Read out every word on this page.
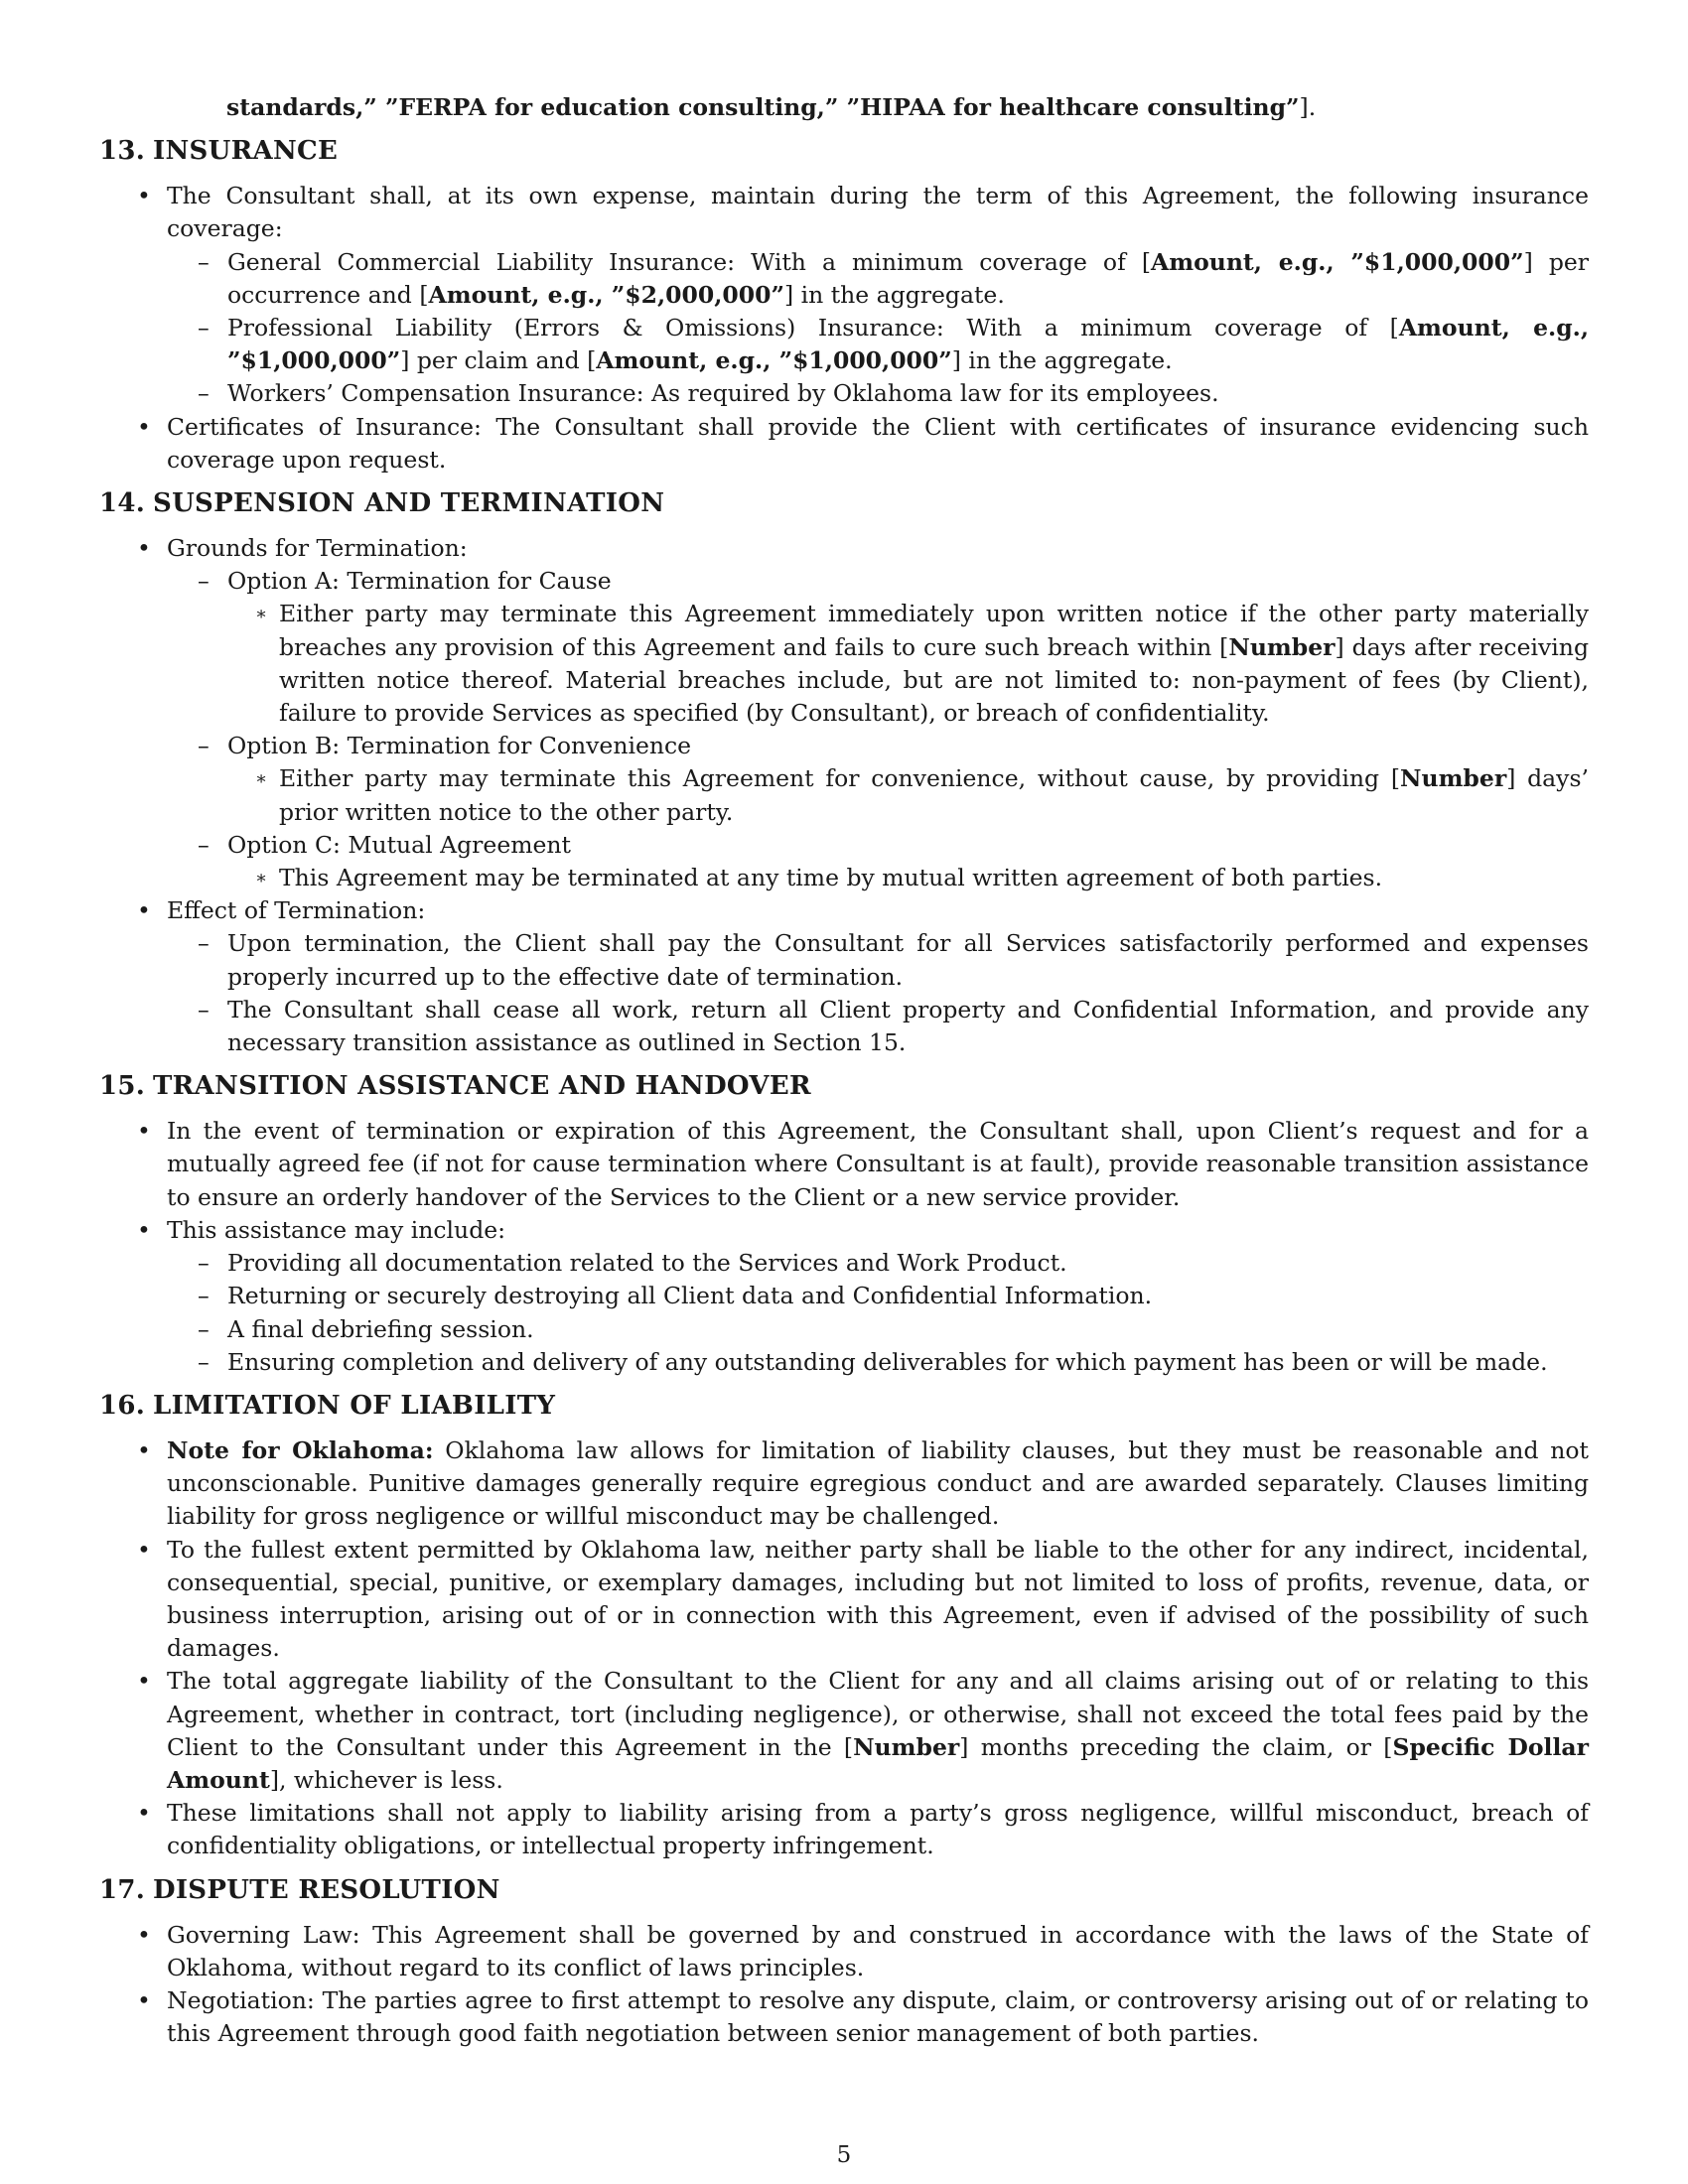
standards,” ”FERPA for education consulting,” ”HIPAA for healthcare consulting”].
13. INSURANCE
• The Consultant shall, at its own expense, maintain during the term of this Agreement, the following insurance coverage:
– General Commercial Liability Insurance: With a minimum coverage of [Amount, e.g., ”$1,000,000”] per occurrence and [Amount, e.g., ”$2,000,000”] in the aggregate.
– Professional Liability (Errors & Omissions) Insurance: With a minimum coverage of [Amount, e.g., ”$1,000,000”] per claim and [Amount, e.g., ”$1,000,000”] in the aggregate.
– Workers’ Compensation Insurance: As required by Oklahoma law for its employees.
• Certificates of Insurance: The Consultant shall provide the Client with certificates of insurance evidencing such coverage upon request.
14. SUSPENSION AND TERMINATION
• Grounds for Termination:
– Option A: Termination for Cause
∗ Either party may terminate this Agreement immediately upon written notice if the other party materially breaches any provision of this Agreement and fails to cure such breach within [Number] days after receiving written notice thereof. Material breaches include, but are not limited to: non-payment of fees (by Client), failure to provide Services as specified (by Consultant), or breach of confidentiality.
– Option B: Termination for Convenience
∗ Either party may terminate this Agreement for convenience, without cause, by providing [Number] days’ prior written notice to the other party.
– Option C: Mutual Agreement
∗ This Agreement may be terminated at any time by mutual written agreement of both parties.
• Effect of Termination:
– Upon termination, the Client shall pay the Consultant for all Services satisfactorily performed and expenses properly incurred up to the effective date of termination.
– The Consultant shall cease all work, return all Client property and Confidential Information, and provide any necessary transition assistance as outlined in Section 15.
15. TRANSITION ASSISTANCE AND HANDOVER
• In the event of termination or expiration of this Agreement, the Consultant shall, upon Client’s request and for a mutually agreed fee (if not for cause termination where Consultant is at fault), provide reasonable transition assistance to ensure an orderly handover of the Services to the Client or a new service provider.
• This assistance may include:
– Providing all documentation related to the Services and Work Product.
– Returning or securely destroying all Client data and Confidential Information.
– A final debriefing session.
– Ensuring completion and delivery of any outstanding deliverables for which payment has been or will be made.
16. LIMITATION OF LIABILITY
• Note for Oklahoma: Oklahoma law allows for limitation of liability clauses, but they must be reasonable and not unconscionable. Punitive damages generally require egregious conduct and are awarded separately. Clauses limiting liability for gross negligence or willful misconduct may be challenged.
• To the fullest extent permitted by Oklahoma law, neither party shall be liable to the other for any indirect, incidental, consequential, special, punitive, or exemplary damages, including but not limited to loss of profits, revenue, data, or business interruption, arising out of or in connection with this Agreement, even if advised of the possibility of such damages.
• The total aggregate liability of the Consultant to the Client for any and all claims arising out of or relating to this Agreement, whether in contract, tort (including negligence), or otherwise, shall not exceed the total fees paid by the Client to the Consultant under this Agreement in the [Number] months preceding the claim, or [Specific Dollar Amount], whichever is less.
• These limitations shall not apply to liability arising from a party’s gross negligence, willful misconduct, breach of confidentiality obligations, or intellectual property infringement.
17. DISPUTE RESOLUTION
• Governing Law: This Agreement shall be governed by and construed in accordance with the laws of the State of Oklahoma, without regard to its conflict of laws principles.
• Negotiation: The parties agree to first attempt to resolve any dispute, claim, or controversy arising out of or relating to this Agreement through good faith negotiation between senior management of both parties.
5
